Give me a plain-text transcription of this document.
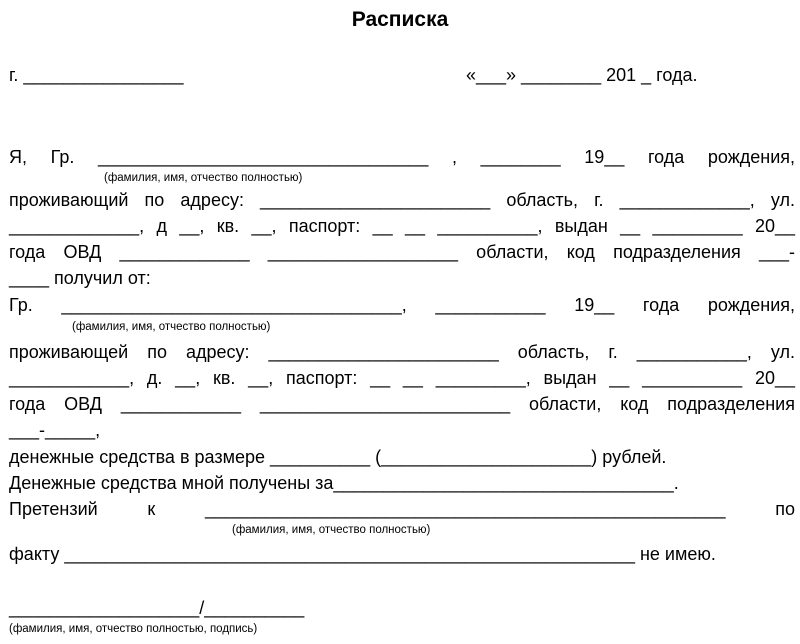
Расписка
г. ________________	«___» ________ 201 _ года.
Я, Гр. _________________________________ , ________ 19__ года рождения,
(фамилия, имя, отчество полностью)
проживающий по адресу: _______________________ область, г. _____________, ул.
_____________, д __, кв. __, паспорт: __ __ __________, выдан __ _________ 20__
года ОВД _____________ ___________________ области, код подразделения ___-
____ получил от:
Гр. __________________________________, ___________ 19__ года рождения,
(фамилия, имя, отчество полностью)
проживающей по адресу: _______________________ область, г. ___________, ул.
____________, д. __, кв. __, паспорт: __ __ _________, выдан __ __________ 20__
года ОВД ____________ _________________________ области, код подразделения
___-_____,
денежные средства в размере __________ (_____________________) рублей.
Денежные средства мной получены за__________________________________.
Претензий к ____________________________________________________ по
(фамилия, имя, отчество полностью)
факту _________________________________________________________ не имею.
___________________/__________
(фамилия, имя, отчество полностью, подпись)
